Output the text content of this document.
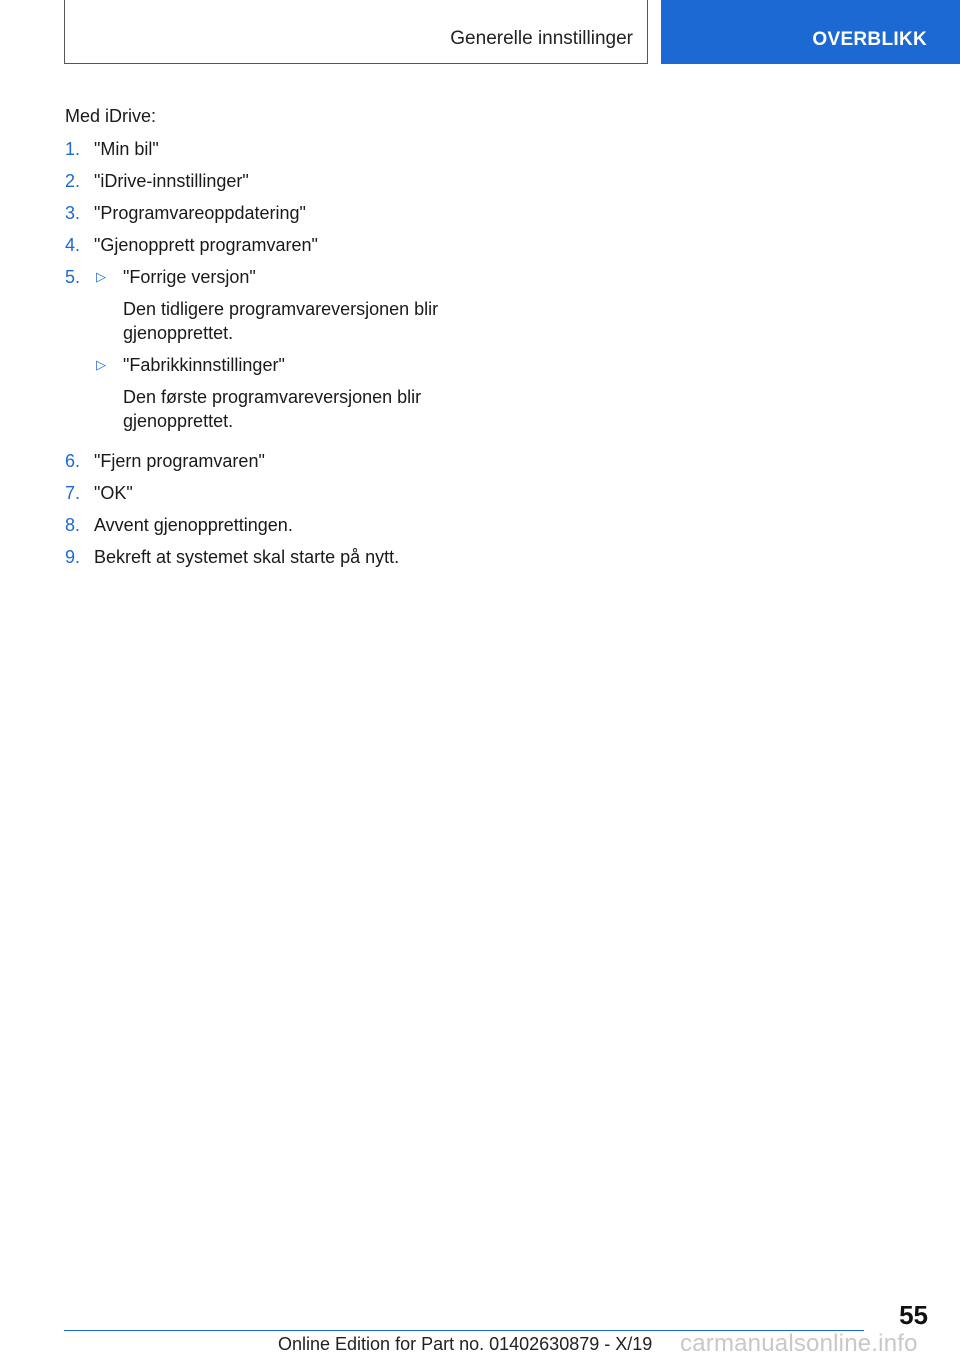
Generelle innstillinger	OVERBLIKK

Med iDrive:

1. "Min bil"
2. "iDrive-innstillinger"
3. "Programvareoppdatering"
4. "Gjenopprett programvaren"
5.	▷ "Forrige versjon"
Den tidligere programvareversjonen blir gjenopprettet.
▷ "Fabrikkinnstillinger"
Den første programvareversjonen blir gjenopprettet.
6. "Fjern programvaren"
7. "OK"
8. Avvent gjenopprettingen.
9. Bekreft at systemet skal starte på nytt.
55
Online Edition for Part no. 01402630879 - X/19 carmanualsonline.info
